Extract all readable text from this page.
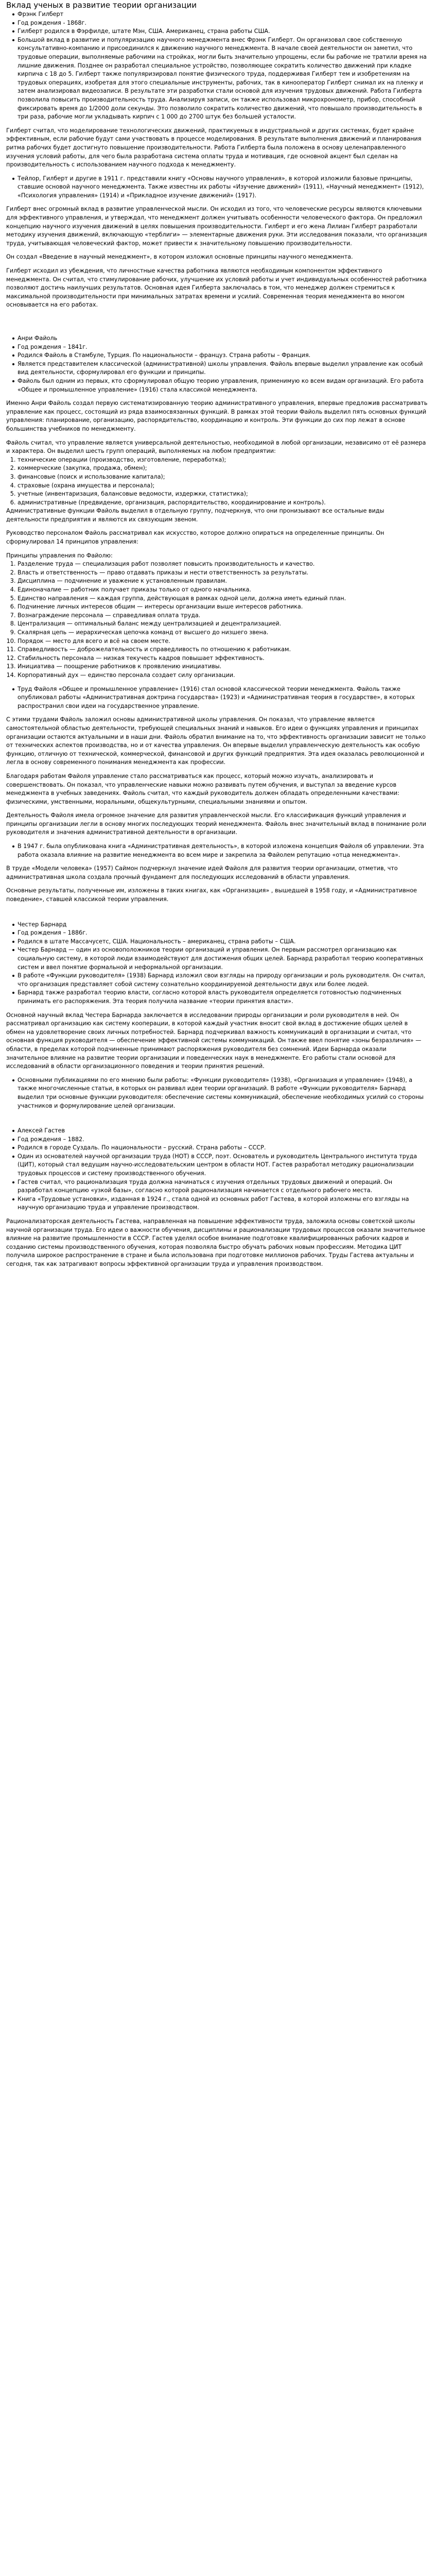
Вклад ученых в развитие теории организации
Фрэнк Гилберт
Год рождения - 1868г.
Гилберт родился в Фэрфилде, штате Мэн, США. Американец, страна работы США.
Большой вклад в развитие и популяризацию научного менеджмента внес Фрэнк Гилберт. Он организовал свое собственную консультативно-компанию и присоединился к движению научного менеджмента. В начале своей деятельности он заметил, что трудовые операции, выполняемые рабочими на стройках, могли быть значительно упрощены, если бы рабочие не тратили время на лишние движения. Позднее он разработал специальное устройство, позволяющее сократить количество движений при кладке кирпича с 18 до 5. Гилберт также популяризировал понятие физического труда, поддерживая Гилберт тем и изобретениям на трудовых операциях, изобретая для этого специальные инструменты, рабочих, так в кинооператор Гилберт снимал их на пленку и затем анализировал видеозаписи. В результате эти разработки стали основой для изучения трудовых движений. Работа Гилберта позволила повысить производительность труда. Анализируя записи, он также использовал микрохронометр, прибор, способный фиксировать время до 1/2000 доли секунды. Это позволило сократить количество движений, что повышало производительность в три раза, рабочие могли укладывать кирпич с 1 000 до 2700 штук без большей усталости.

Гилберт считал, что моделирование технологических движений, практикуемых в индустриальной и других системах, будет крайне эффективным, если рабочие будут сами участвовать в процессе моделирования. В результате выполнения движений и планирования ритма рабочих будет достигнуто повышение производительности. Работа Гилберта была положена в основу целенаправленного изучения условий работы, для чего была разработана система оплаты труда и мотивация, где основной акцент был сделан на производительность с использованием научного подхода к менеджменту.

Тейлор, Гилберт и другие в 1911 г. представили книгу «Основы научного управления», в которой изложили базовые принципы, ставшие основой научного менеджмента. Также известны их работы «Изучение движений» (1911), «Научный менеджмент» (1912), «Психология управления» (1914) и «Прикладное изучение движений» (1917).

Гилберт внес огромный вклад в развитие управленческой мысли. Он исходил из того, что человеческие ресурсы являются ключевыми для эффективного управления, и утверждал, что менеджмент должен учитывать особенности человеческого фактора. Он предложил концепцию научного изучения движений в целях повышения производительности. Гилберт и его жена Лилиан Гилберт разработали методику изучения движений, включающую «терблиги» — элементарные движения руки. Эти исследования показали, что организация труда, учитывающая человеческий фактор, может привести к значительному повышению производительности.

Он создал «Введение в научный менеджмент», в котором изложил основные принципы научного менеджмента.

Гилберт исходил из убеждения, что личностные качества работника являются необходимым компонентом эффективного менеджмента. Он считал, что стимулирование рабочих, улучшение их условий работы и учет индивидуальных особенностей работника позволяют достичь наилучших результатов. Основная идея Гилберта заключалась в том, что менеджер должен стремиться к максимальной производительности при минимальных затратах времени и усилий. Современная теория менеджмента во многом основывается на его работах.

Анри Файоль
Год рождения – 1841г.
Родился Файоль в Стамбуле, Турция. По национальности – француз. Страна работы – Франция.
Является представителем классической (административной) школы управления. Файоль впервые выделил управление как особый вид деятельности, сформулировал его функции и принципы.
Файоль был одним из первых, кто сформулировал общую теорию управления, применимую ко всем видам организаций. Его работа «Общее и промышленное управление» (1916) стала классикой менеджмента.

Именно Анри Файоль создал первую систематизированную теорию административного управления, впервые предложив рассматривать управление как процесс, состоящий из ряда взаимосвязанных функций. В рамках этой теории Файоль выделил пять основных функций управления: планирование, организацию, распорядительство, координацию и контроль. Эти функции до сих пор лежат в основе большинства учебников по менеджменту.

Файоль считал, что управление является универсальной деятельностью, необходимой в любой организации, независимо от её размера и характера. Он выделил шесть групп операций, выполняемых на любом предприятии:

1. технические операции (производство, изготовление, переработка);
2. коммерческие (закупка, продажа, обмен);
3. финансовые (поиск и использование капитала);
4. страховые (охрана имущества и персонала);
5. учетные (инвентаризация, балансовые ведомости, издержки, статистика);
6. административные (предвидение, организация, распорядительство, координирование и контроль).

Административные функции Файоль выделил в отдельную группу, подчеркнув, что они пронизывают все остальные виды деятельности предприятия и являются их связующим звеном.

Руководство персоналом Файоль рассматривал как искусство, которое должно опираться на определенные принципы. Он сформулировал 14 принципов управления:

Принципы управления по Файолю:

1. Разделение труда — специализация работ позволяет повысить производительность и качество.
2. Власть и ответственность — право отдавать приказы и нести ответственность за результаты.
3. Дисциплина — подчинение и уважение к установленным правилам.
4. Единоначалие — работник получает приказы только от одного начальника.
5. Единство направления — каждая группа, действующая в рамках одной цели, должна иметь единый план.
6. Подчинение личных интересов общим — интересы организации выше интересов работника.
7. Вознаграждение персонала — справедливая оплата труда.
8. Централизация — оптимальный баланс между централизацией и децентрализацией.
9. Скалярная цепь — иерархическая цепочка команд от высшего до низшего звена.
10. Порядок — место для всего и всё на своем месте.
11. Справедливость — доброжелательность и справедливость по отношению к работникам.
12. Стабильность персонала — низкая текучесть кадров повышает эффективность.
13. Инициатива — поощрение работников к проявлению инициативы.
14. Корпоративный дух — единство персонала создает силу организации.
Труд Файоля «Общее и промышленное управление» (1916) стал основой классической теории менеджмента. Файоль также опубликовал работы «Административная доктрина государства» (1923) и «Административная теория в государстве», в которых распространил свои идеи на государственное управление.

С этими трудами Файоль заложил основы административной школы управления. Он показал, что управление является самостоятельной областью деятельности, требующей специальных знаний и навыков. Его идеи о функциях управления и принципах организации остаются актуальными и в наши дни. Файоль обратил внимание на то, что эффективность организации зависит не только от технических аспектов производства, но и от качества управления. Он впервые выделил управленческую деятельность как особую функцию, отличную от технической, коммерческой, финансовой и других функций предприятия. Эта идея оказалась революционной и легла в основу современного понимания менеджмента как профессии.

Благодаря работам Файоля управление стало рассматриваться как процесс, который можно изучать, анализировать и совершенствовать. Он показал, что управленческие навыки можно развивать путем обучения, и выступал за введение курсов менеджмента в учебных заведениях. Файоль считал, что каждый руководитель должен обладать определенными качествами: физическими, умственными, моральными, общекультурными, специальными знаниями и опытом.

Деятельность Файоля имела огромное значение для развития управленческой мысли. Его классификация функций управления и принципы организации легли в основу многих последующих теорий менеджмента. Файоль внес значительный вклад в понимание роли руководителя и значения административной деятельности в организации.

В 1947 г. была опубликована книга «Административная деятельность», в которой изложена концепция Файоля об управлении. Эта работа оказала влияние на развитие менеджмента во всем мире и закрепила за Файолем репутацию «отца менеджмента».

В труде «Модели человека» (1957) Саймон подчеркнул значение идей Файоля для развития теории организации, отметив, что административная школа создала прочный фундамент для последующих исследований в области управления.

Основные результаты, полученные им, изложены в таких книгах, как «Организация» , вышедшей в 1958 году, и «Административное поведение», ставшей классикой теории управления.

Честер Барнард
Год рождения – 1886г.
Родился в штате Массачусетс, США. Национальность – американец, страна работы – США.
Честер Барнард — один из основоположников теории организаций и управления. Он первым рассмотрел организацию как социальную систему, в которой люди взаимодействуют для достижения общих целей. Барнард разработал теорию кооперативных систем и ввел понятие формальной и неформальной организации.
В работе «Функции руководителя» (1938) Барнард изложил свои взгляды на природу организации и роль руководителя. Он считал, что организация представляет собой систему сознательно координируемой деятельности двух или более людей.
Барнард также разработал теорию власти, согласно которой власть руководителя определяется готовностью подчиненных принимать его распоряжения. Эта теория получила название «теории принятия власти».

Основной научный вклад Честера Барнарда заключается в исследовании природы организации и роли руководителя в ней. Он рассматривал организацию как систему кооперации, в которой каждый участник вносит свой вклад в достижение общих целей в обмен на удовлетворение своих личных потребностей. Барнард подчеркивал важность коммуникаций в организации и считал, что основная функция руководителя — обеспечение эффективной системы коммуникаций. Он также ввел понятие «зоны безразличия» — области, в пределах которой подчиненные принимают распоряжения руководителя без сомнений. Идеи Барнарда оказали значительное влияние на развитие теории организации и поведенческих наук в менеджменте. Его работы стали основой для исследований в области организационного поведения и теории принятия решений.

Основными публикациями по его мнению были работы: «Функции руководителя» (1938), «Организация и управление» (1948), а также многочисленные статьи, в которых он развивал идеи теории организаций. В работе «Функции руководителя» Барнард выделил три основные функции руководителя: обеспечение системы коммуникаций, обеспечение необходимых усилий со стороны участников и формулирование целей организации.
Алексей Гастев
Год рождения – 1882.
Родился в городе Суздаль. По национальности – русский. Страна работы – СССР.
Один из основателей научной организации труда (НОТ) в СССР, поэт. Основатель и руководитель Центрального института труда (ЦИТ), который стал ведущим научно-исследовательским центром в области НОТ. Гастев разработал методику рационализации трудовых процессов и систему производственного обучения.
Гастев считал, что рационализация труда должна начинаться с изучения отдельных трудовых движений и операций. Он разработал концепцию «узкой базы», согласно которой рационализация начинается с отдельного рабочего места.
Книга «Трудовые установки», изданная в 1924 г., стала одной из основных работ Гастева, в которой изложены его взгляды на научную организацию труда и управление производством.

Рационализаторская деятельность Гастева, направленная на повышение эффективности труда, заложила основы советской школы научной организации труда. Его идеи о важности обучения, дисциплины и рационализации трудовых процессов оказали значительное влияние на развитие промышленности в СССР. Гастев уделял особое внимание подготовке квалифицированных рабочих кадров и созданию системы производственного обучения, которая позволяла быстро обучать рабочих новым профессиям. Методика ЦИТ получила широкое распространение в стране и была использована при подготовке миллионов рабочих. Труды Гастева актуальны и сегодня, так как затрагивают вопросы эффективной организации труда и управления производством.
